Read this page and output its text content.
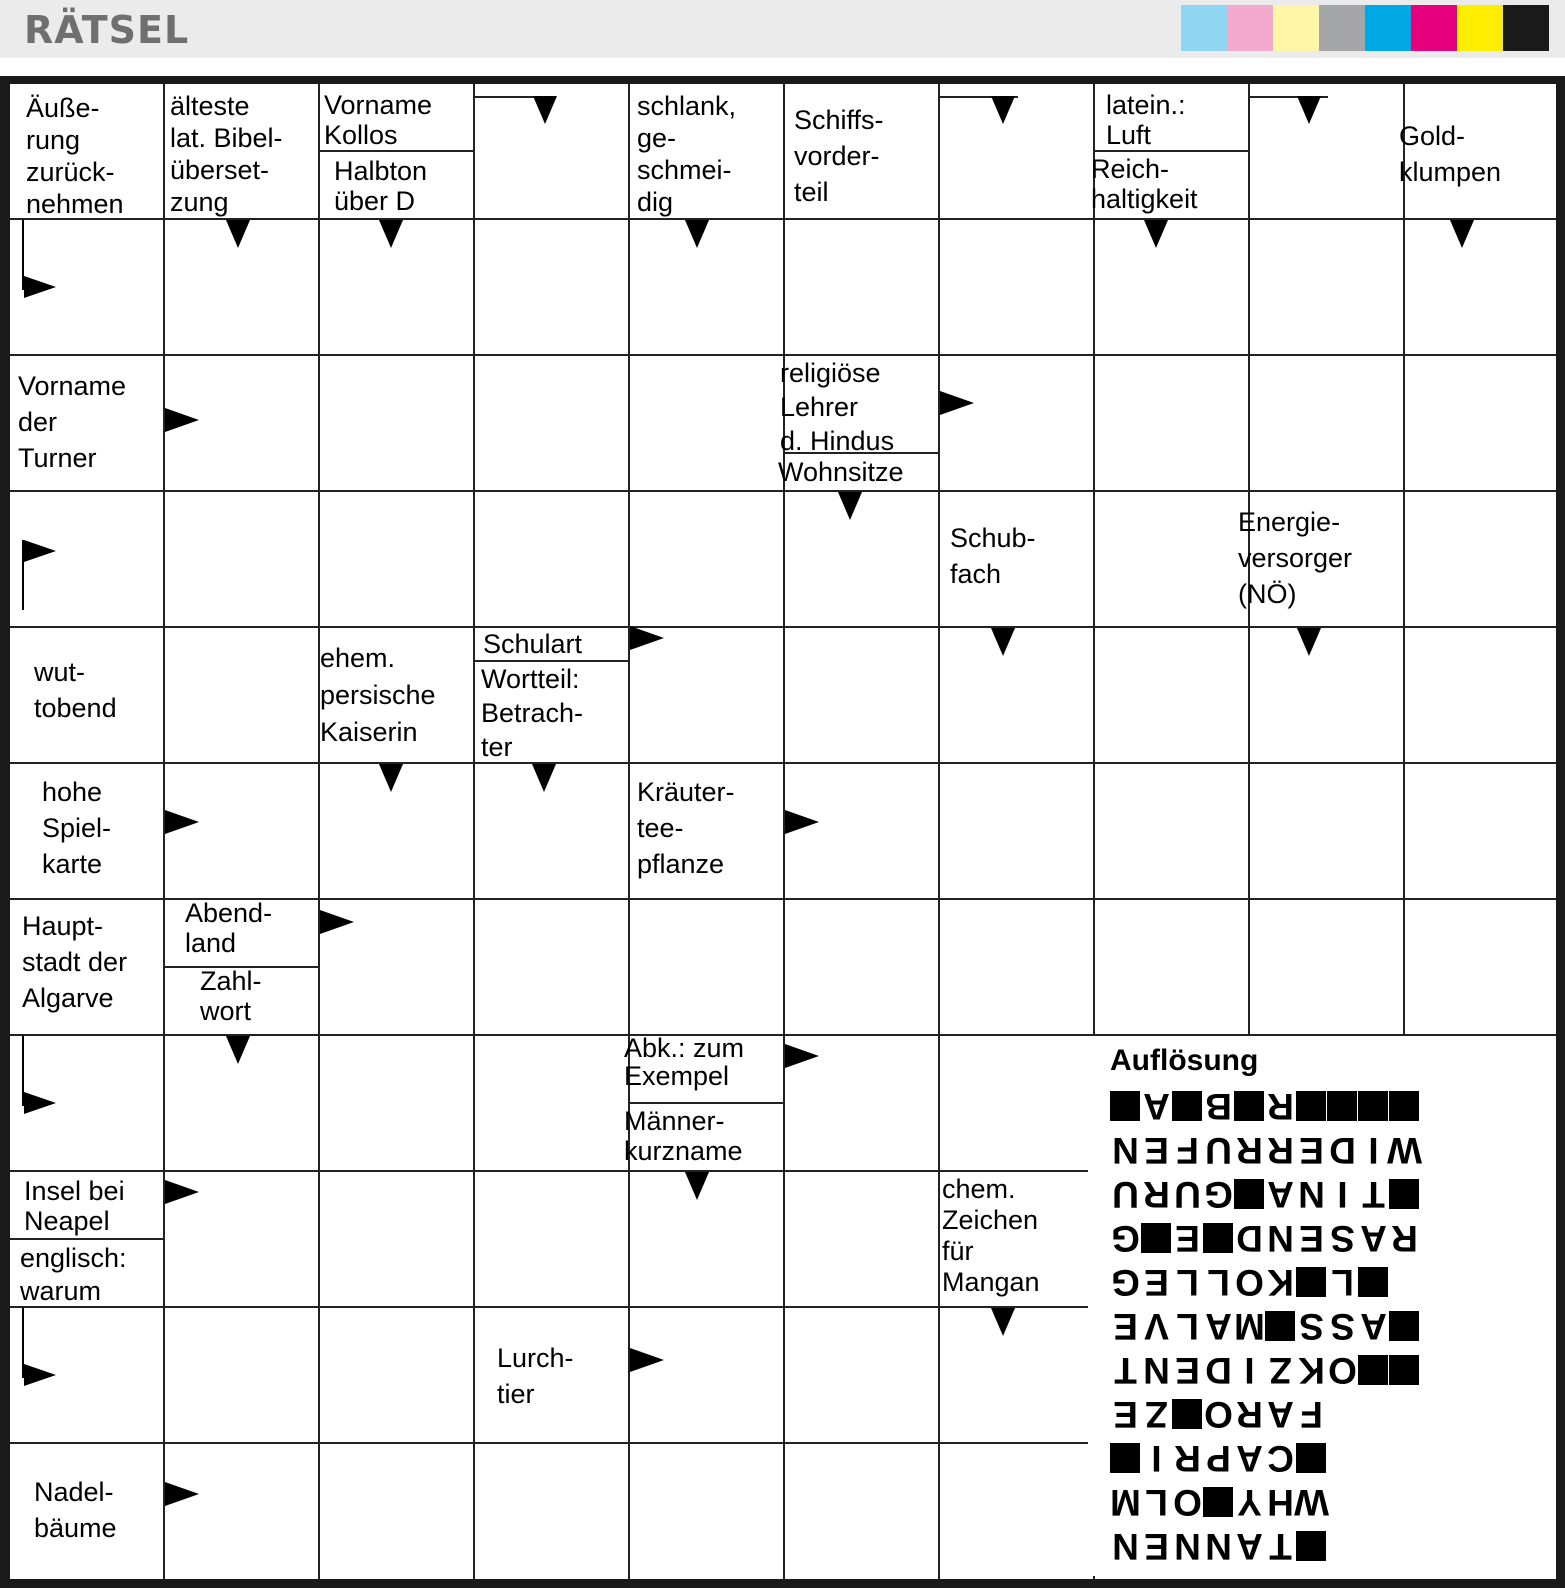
RÄTSEL
Äuße-
rung
zurück-
nehmen
älteste
lat. Bibel-
überset-
zung
Vorname
Kollos
Halbton
über D
schlank,
ge-
schmei-
dig
Schiffs-
vorder-
teil
latein.:
Luft
Reich-
haltigkeit
Gold-
klumpen
Vorname
der
Turner
religiöse
Lehrer
d. Hindus
Wohnsitze
Schub-
fach
Energie-
versorger
(NÖ)
wut-
tobend
ehem.
persische
Kaiserin
Schulart
Wortteil:
Betrach-
ter
hohe
Spiel-
karte
Kräuter-
tee-
pflanze
Haupt-
stadt der
Algarve
Abend-
land
Zahl-
wort
Abk.: zum
Exempel
Männer-
kurzname
Insel bei
Neapel
englisch:
warum
chem.
Zeichen
für
Mangan
Lurch-
tier
Nadel-
bäume
Auflösung
T
A
N
N
E
N
W
H
Y
O
L
M
C
A
P
R
I
F
A
R
O
Z
E
O
K
Z
I
D
E
N
T
A
S
S
M
A
L
V
E
L
K
O
L
L
E
G
R
A
S
E
N
D
E
G
T
I
N
A
G
U
R
U
W
I
D
E
R
R
U
F
E
N
R
B
A
